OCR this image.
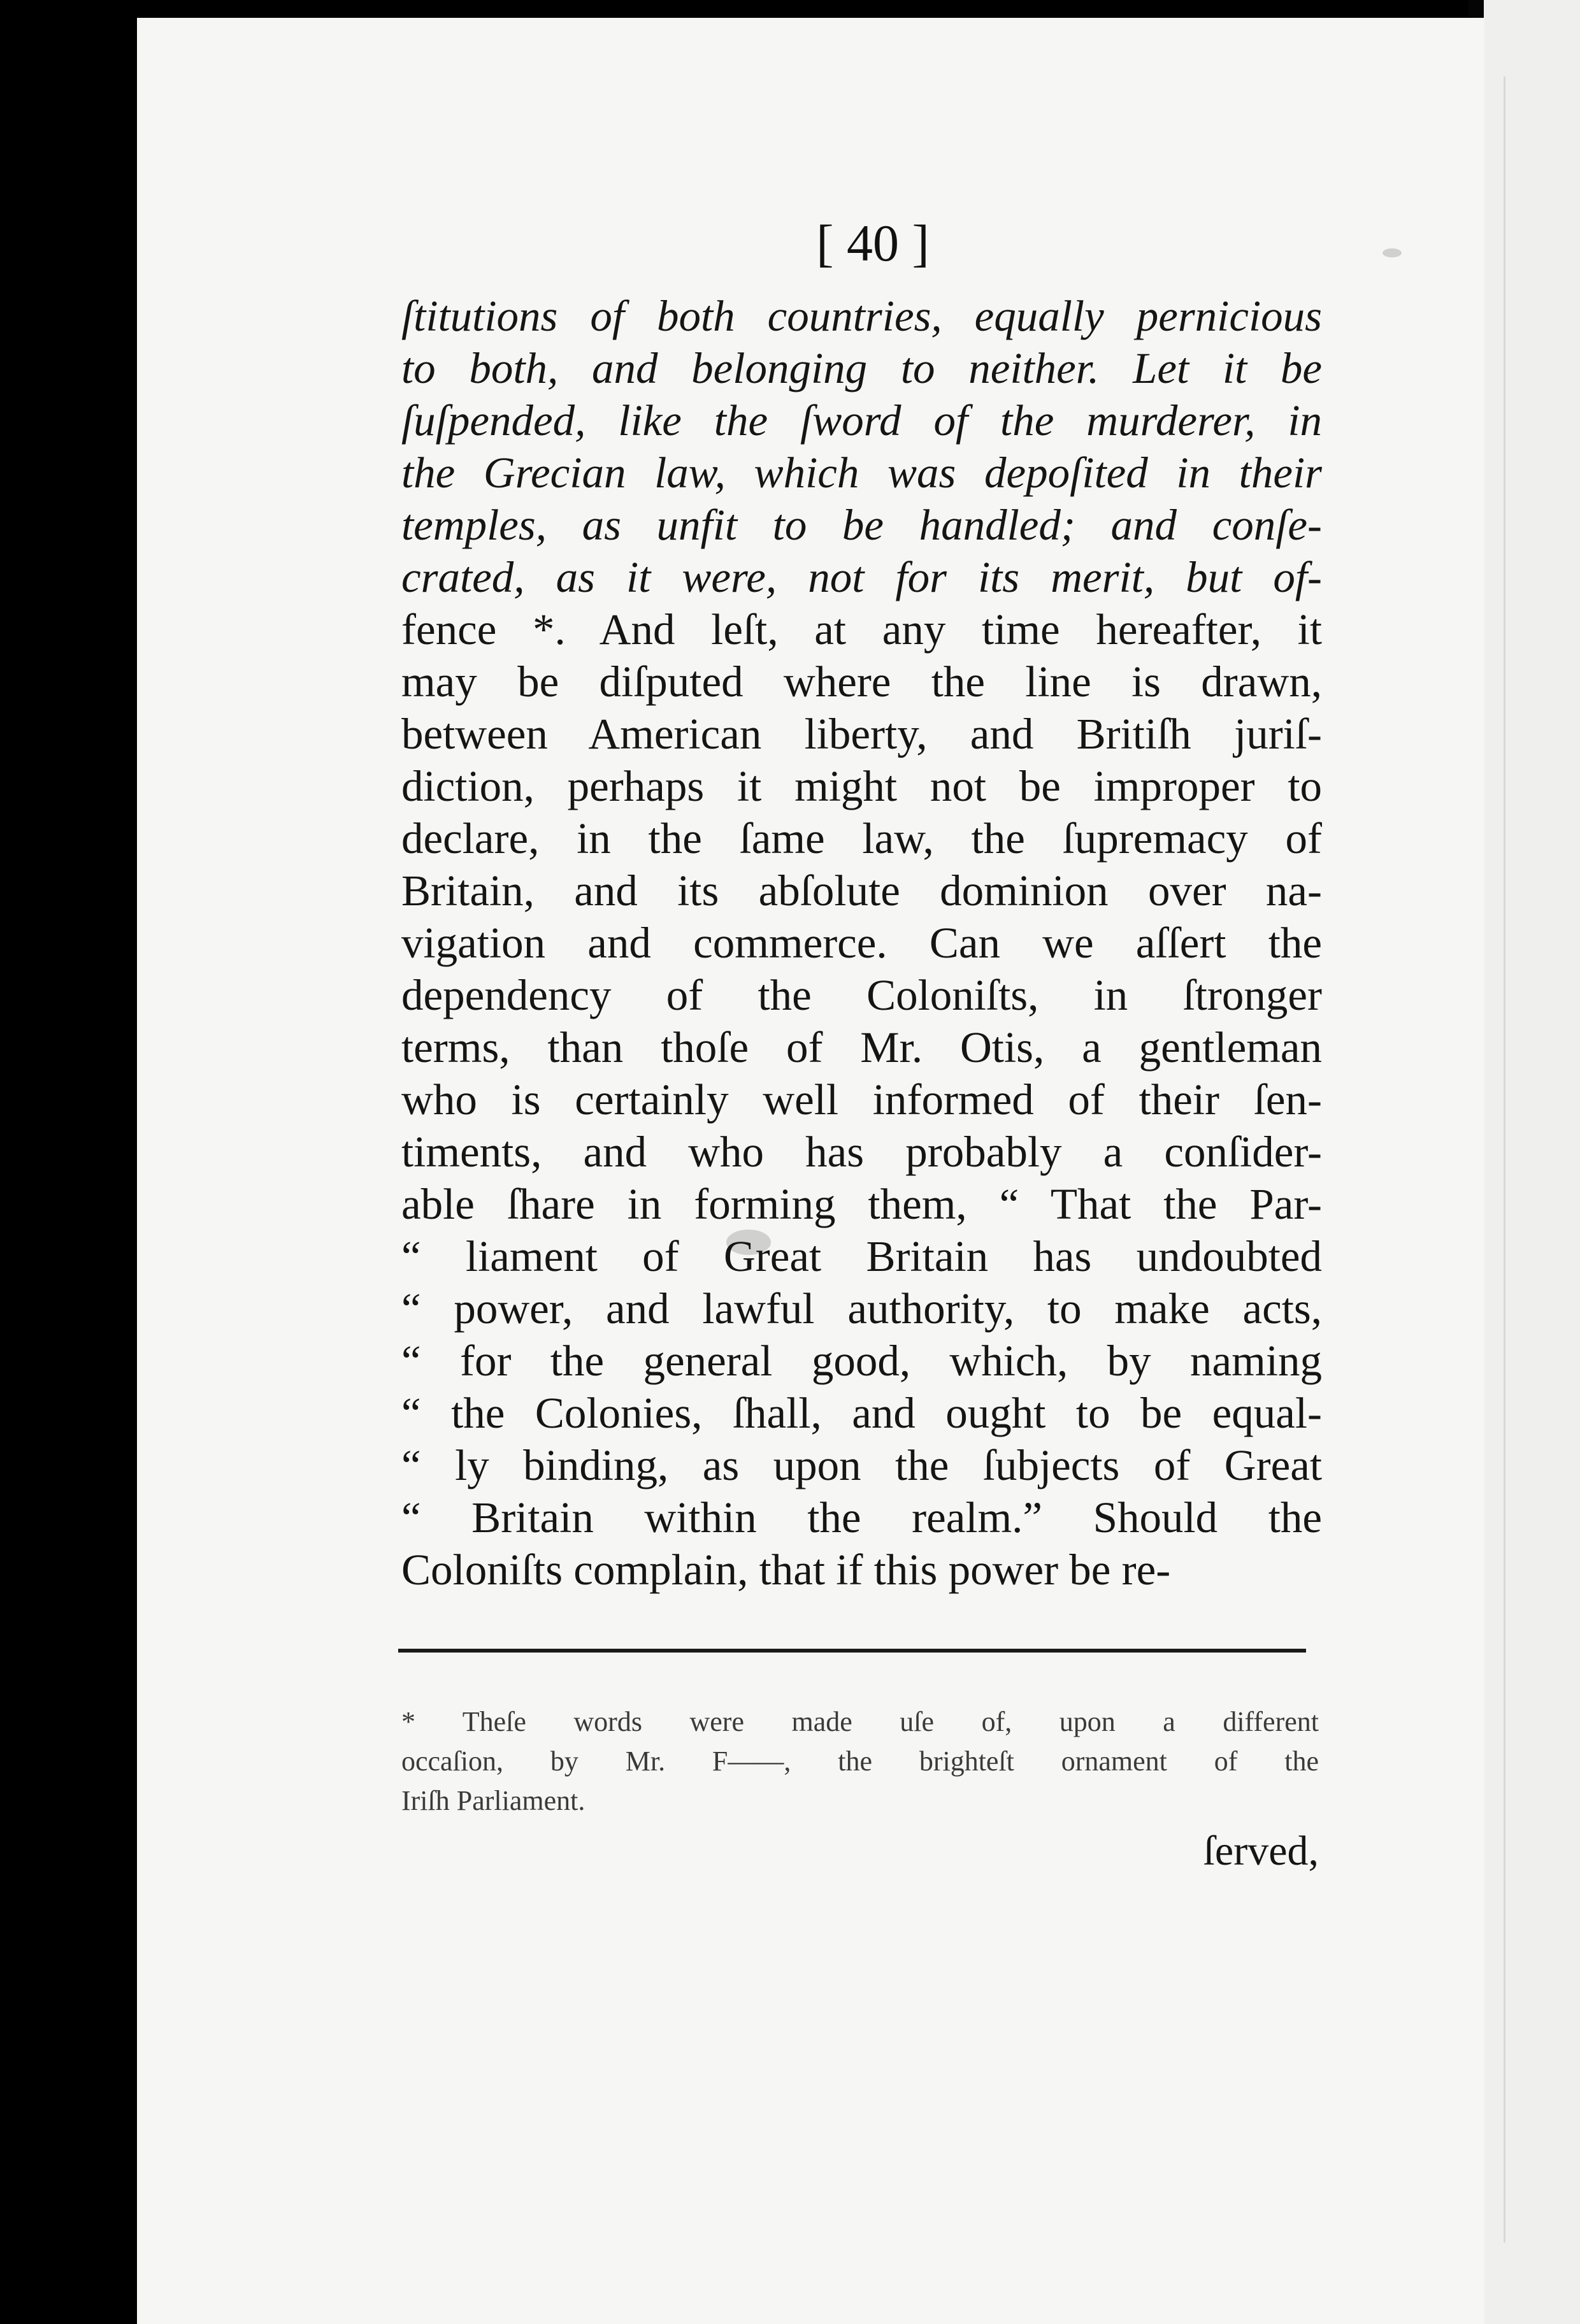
[ 40 ]
ſtitutions of both countries, equally pernicious
to both, and belonging to neither. Let it be
ſuſpended, like the ſword of the murderer, in
the Grecian law, which was depoſited in their
temples, as unfit to be handled; and conſe-
crated, as it were, not for its merit, but of-
fence *. And leſt, at any time hereafter, it
may be diſputed where the line is drawn,
between American liberty, and Britiſh juriſ-
diction, perhaps it might not be improper to
declare, in the ſame law, the ſupremacy of
Britain, and its abſolute dominion over na-
vigation and commerce. Can we aſſert the
dependency of the Coloniſts, in ſtronger
terms, than thoſe of Mr. Otis, a gentleman
who is certainly well informed of their ſen-
timents, and who has probably a conſider-
able ſhare in forming them, “ That the Par-
“ liament of Great Britain has undoubted
“ power, and lawful authority, to make acts,
“ for the general good, which, by naming
“ the Colonies, ſhall, and ought to be equal-
“ ly binding, as upon the ſubjects of Great
“ Britain within the realm.” Should the
Coloniſts complain, that if this power be re-
* Theſe words were made uſe of, upon a different
occaſion, by Mr. F——, the brighteſt ornament of the
Iriſh Parliament.
ſerved,
